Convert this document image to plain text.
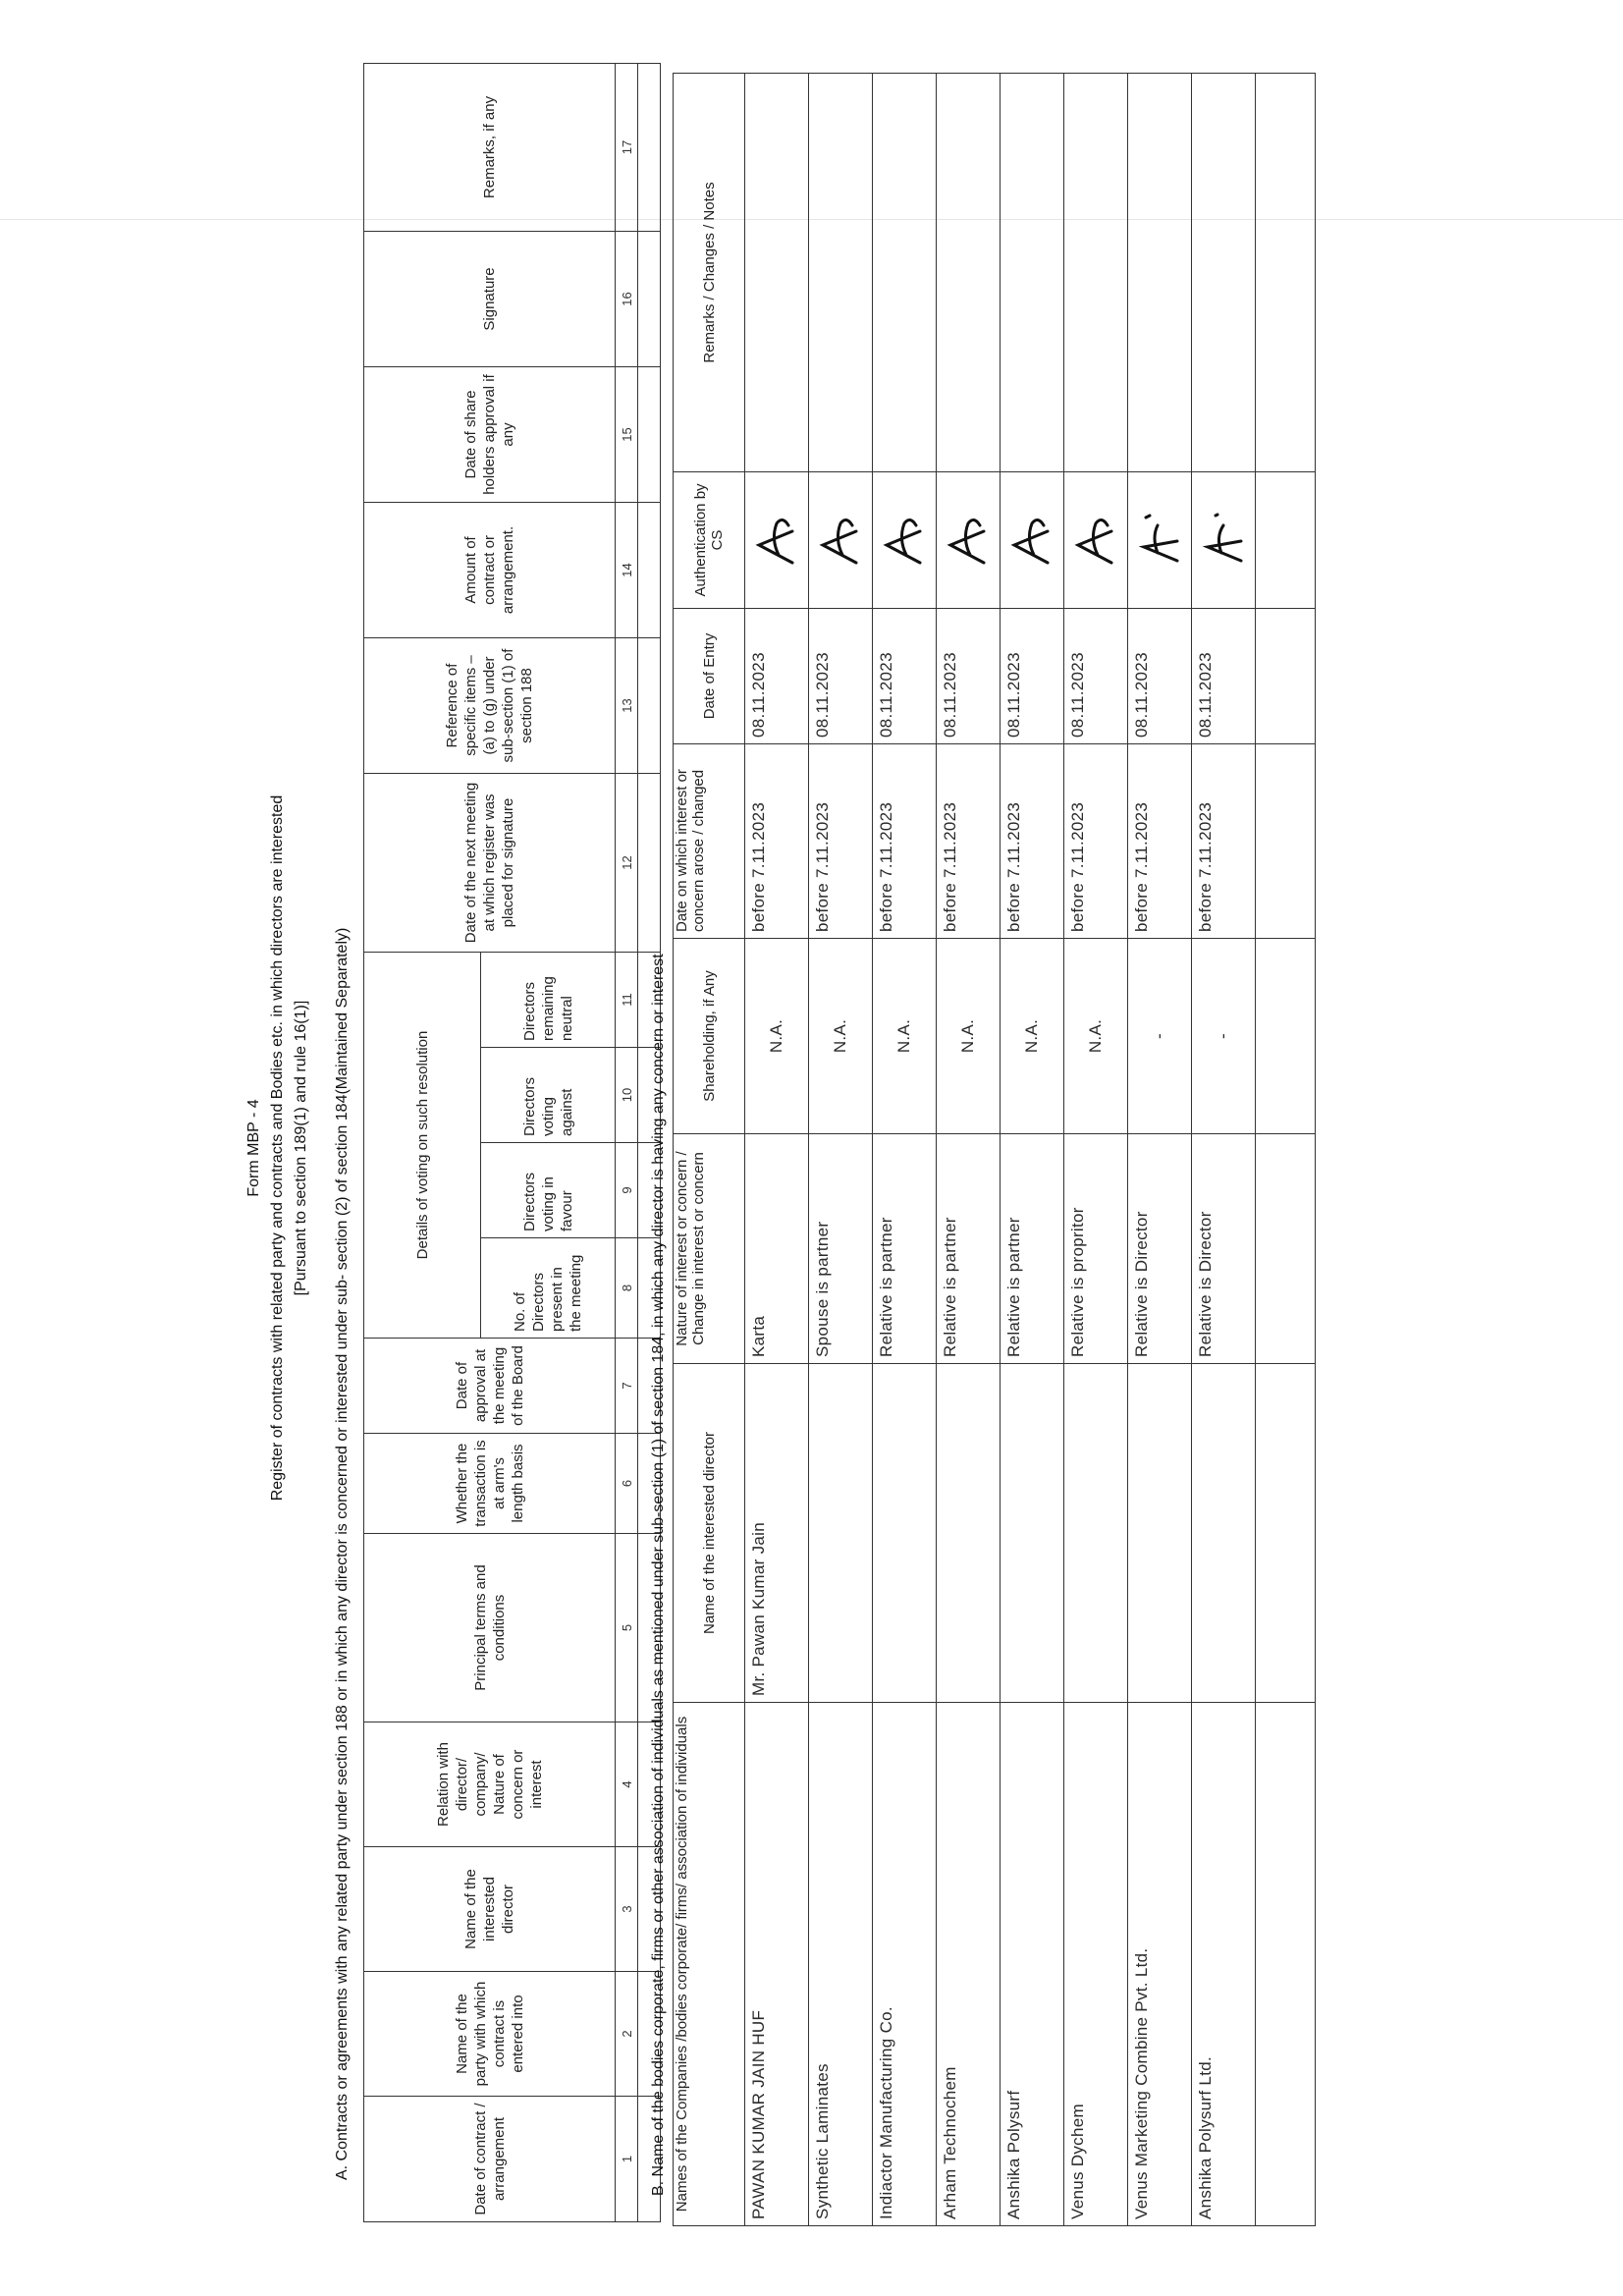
Form MBP - 4 Register of contracts with related party and contracts and Bodies etc. in which directors are interested [Pursuant to section 189(1) and rule 16(1)] A. Contracts or agreements with any related party under section 188 or in which any director is concerned or interested under sub- section (2) of section 184(Maintained Separately)	Date of contract / arrangement	Name of the party with which contract is entered into	Name of the interested director	Relation with director/ company/ Nature of concern or interest	Principal terms and conditions	Whether the transaction is at arm's length basis	Date of approval at the meeting of the Board	Details of voting on such resolution				Date of the next meeting at which register was placed for signature	Reference of specific items – (a) to (g) under sub-section (1) of section 188	Amount of contract or arrangement.	Date of share holders approval if any	Signature	Remarks, if any
							No. of Directors present in the meeting	Directors voting in favour	Directors voting against	Directors remaining neutral						
1	2	3	4	5	6	7	8	9	10	11	12	13	14	15	16	17

B. Name of the bodies corporate, firms or other association of individuals as mentioned under sub-section (1) of section 184, in which any director is having any concern or interest Names of the Companies /bodies corporate/ firms/ association of individuals	Name of the interested director	Nature of interest or concern / Change in interest or concern	Shareholding, if Any	Date on which interest or concern arose / changed	Date of Entry	Authentication by CS	Remarks / Changes / Notes
PAWAN KUMAR JAIN HUF	Mr. Pawan Kumar Jain	Karta	N.A.	before 7.11.2023	08.11.2023	

Synthetic Laminates		Spouse is partner	N.A.	before 7.11.2023	08.11.2023	

Indiactor Manufacturing Co.		Relative is partner	N.A.	before 7.11.2023	08.11.2023	

Arham Technochem		Relative is partner	N.A.	before 7.11.2023	08.11.2023	

Anshika Polysurf		Relative is partner	N.A.	before 7.11.2023	08.11.2023	

Venus Dychem		Relative is propritor	N.A.	before 7.11.2023	08.11.2023	

Venus Marketing Combine Pvt. Ltd.		Relative is Director	-	before 7.11.2023	08.11.2023	

Anshika Polysurf Ltd.		Relative is Director	-	before 7.11.2023	08.11.2023	
